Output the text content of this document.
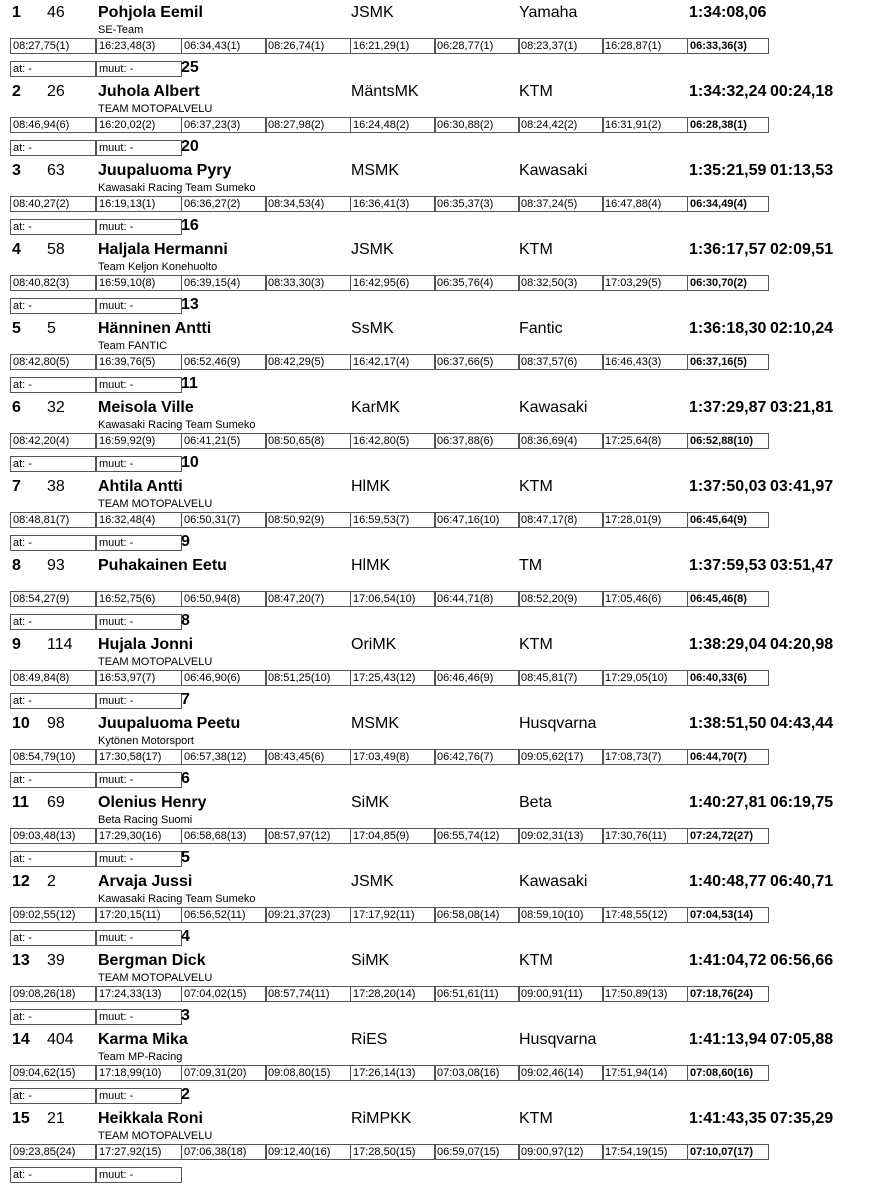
1 46 Pohjola Eemil	JSMK	Yamaha	1:34:08,06
SE-Team
08:27,75(1)	16:23,48(3)	06:34,43(1)	08:26,74(1)	16:21,29(1)	06:28,77(1)	08:23,37(1)	16:28,87(1)	06:33,36(3)
at: -	muut: -	25
2 26 Juhola Albert	MäntsMK	KTM	1:34:32,24 00:24,18
TEAM MOTOPALVELU
08:46,94(6)	16:20,02(2)	06:37,23(3)	08:27,98(2)	16:24,48(2)	06:30,88(2)	08:24,42(2)	16:31,91(2)	06:28,38(1)
at: -	muut: -	20
3 63 Juupaluoma Pyry	MSMK	Kawasaki	1:35:21,59 01:13,53
Kawasaki Racing Team Sumeko
08:40,27(2)	16:19,13(1)	06:36,27(2)	08:34,53(4)	16:36,41(3)	06:35,37(3)	08:37,24(5)	16:47,88(4)	06:34,49(4)
at: -	muut: -	16
4 58 Haljala Hermanni	JSMK	KTM	1:36:17,57 02:09,51
Team Keljon Konehuolto
08:40,82(3)	16:59,10(8)	06:39,15(4)	08:33,30(3)	16:42,95(6)	06:35,76(4)	08:32,50(3)	17:03,29(5)	06:30,70(2)
at: -	muut: -	13
5 5	Hänninen Antti	SsMK	Fantic	1:36:18,30 02:10,24
Team FANTIC
08:42,80(5)	16:39,76(5)	06:52,46(9)	08:42,29(5)	16:42,17(4)	06:37,66(5)	08:37,57(6)	16:46,43(3)	06:37,16(5)
at: -	muut: -	11
6 32 Meisola Ville	KarMK	Kawasaki	1:37:29,87 03:21,81
Kawasaki Racing Team Sumeko
08:42,20(4)	16:59,92(9)	06:41,21(5)	08:50,65(8)	16:42,80(5)	06:37,88(6)	08:36,69(4)	17:25,64(8)	06:52,88(10)
at: -	muut: -	10
7 38 Ahtila Antti	HlMK	KTM	1:37:50,03 03:41,97
TEAM MOTOPALVELU
08:48,81(7)	16:32,48(4)	06:50,31(7)	08:50,92(9)	16:59,53(7)	06:47,16(10)	08:47,17(8)	17:28,01(9)	06:45,64(9)
at: -	muut: -	9
8 93 Puhakainen Eetu	HlMK	TM	1:37:59,53 03:51,47
08:54,27(9)	16:52,75(6)	06:50,94(8)	08:47,20(7)	17:06,54(10)	06:44,71(8)	08:52,20(9)	17:05,46(6)	06:45,46(8)
at: -	muut: -	8
9 114 Hujala Jonni	OriMK	KTM	1:38:29,04 04:20,98
TEAM MOTOPALVELU
08:49,84(8)	16:53,97(7)	06:46,90(6)	08:51,25(10)	17:25,43(12)	06:46,46(9)	08:45,81(7)	17:29,05(10)	06:40,33(6)
at: -	muut: -	7
10 98 Juupaluoma Peetu	MSMK	Husqvarna	1:38:51,50 04:43,44
Kytönen Motorsport
08:54,79(10)	17:30,58(17)	06:57,38(12)	08:43,45(6)	17:03,49(8)	06:42,76(7)	09:05,62(17)	17:08,73(7)	06:44,70(7)
at: -	muut: -	6
11 69 Olenius Henry	SiMK	Beta	1:40:27,81 06:19,75
Beta Racing Suomi
09:03,48(13)	17:29,30(16)	06:58,68(13)	08:57,97(12)	17:04,85(9)	06:55,74(12)	09:02,31(13)	17:30,76(11)	07:24,72(27)
at: -	muut: -	5
12 2	Arvaja Jussi	JSMK	Kawasaki	1:40:48,77 06:40,71
Kawasaki Racing Team Sumeko
09:02,55(12)	17:20,15(11)	06:56,52(11)	09:21,37(23)	17:17,92(11)	06:58,08(14)	08:59,10(10)	17:48,55(12)	07:04,53(14)
at: -	muut: -	4
13 39 Bergman Dick	SiMK	KTM	1:41:04,72 06:56,66
TEAM MOTOPALVELU
09:08,26(18)	17:24,33(13)	07:04,02(15)	08:57,74(11)	17:28,20(14)	06:51,61(11)	09:00,91(11)	17:50,89(13)	07:18,76(24)
at: -	muut: -	3
14 404 Karma Mika	RiES	Husqvarna	1:41:13,94 07:05,88
Team MP-Racing
09:04,62(15)	17:18,99(10)	07:09,31(20)	09:08,80(15)	17:26,14(13)	07:03,08(16)	09:02,46(14)	17:51,94(14)	07:08,60(16)
at: -	muut: -	2
15 21 Heikkala Roni	RiMPKK	KTM	1:41:43,35 07:35,29
TEAM MOTOPALVELU
09:23,85(24)	17:27,92(15)	07:06,38(18)	09:12,40(16)	17:28,50(15)	06:59,07(15)	09:00,97(12)	17:54,19(15)	07:10,07(17)
at: -	muut: -
